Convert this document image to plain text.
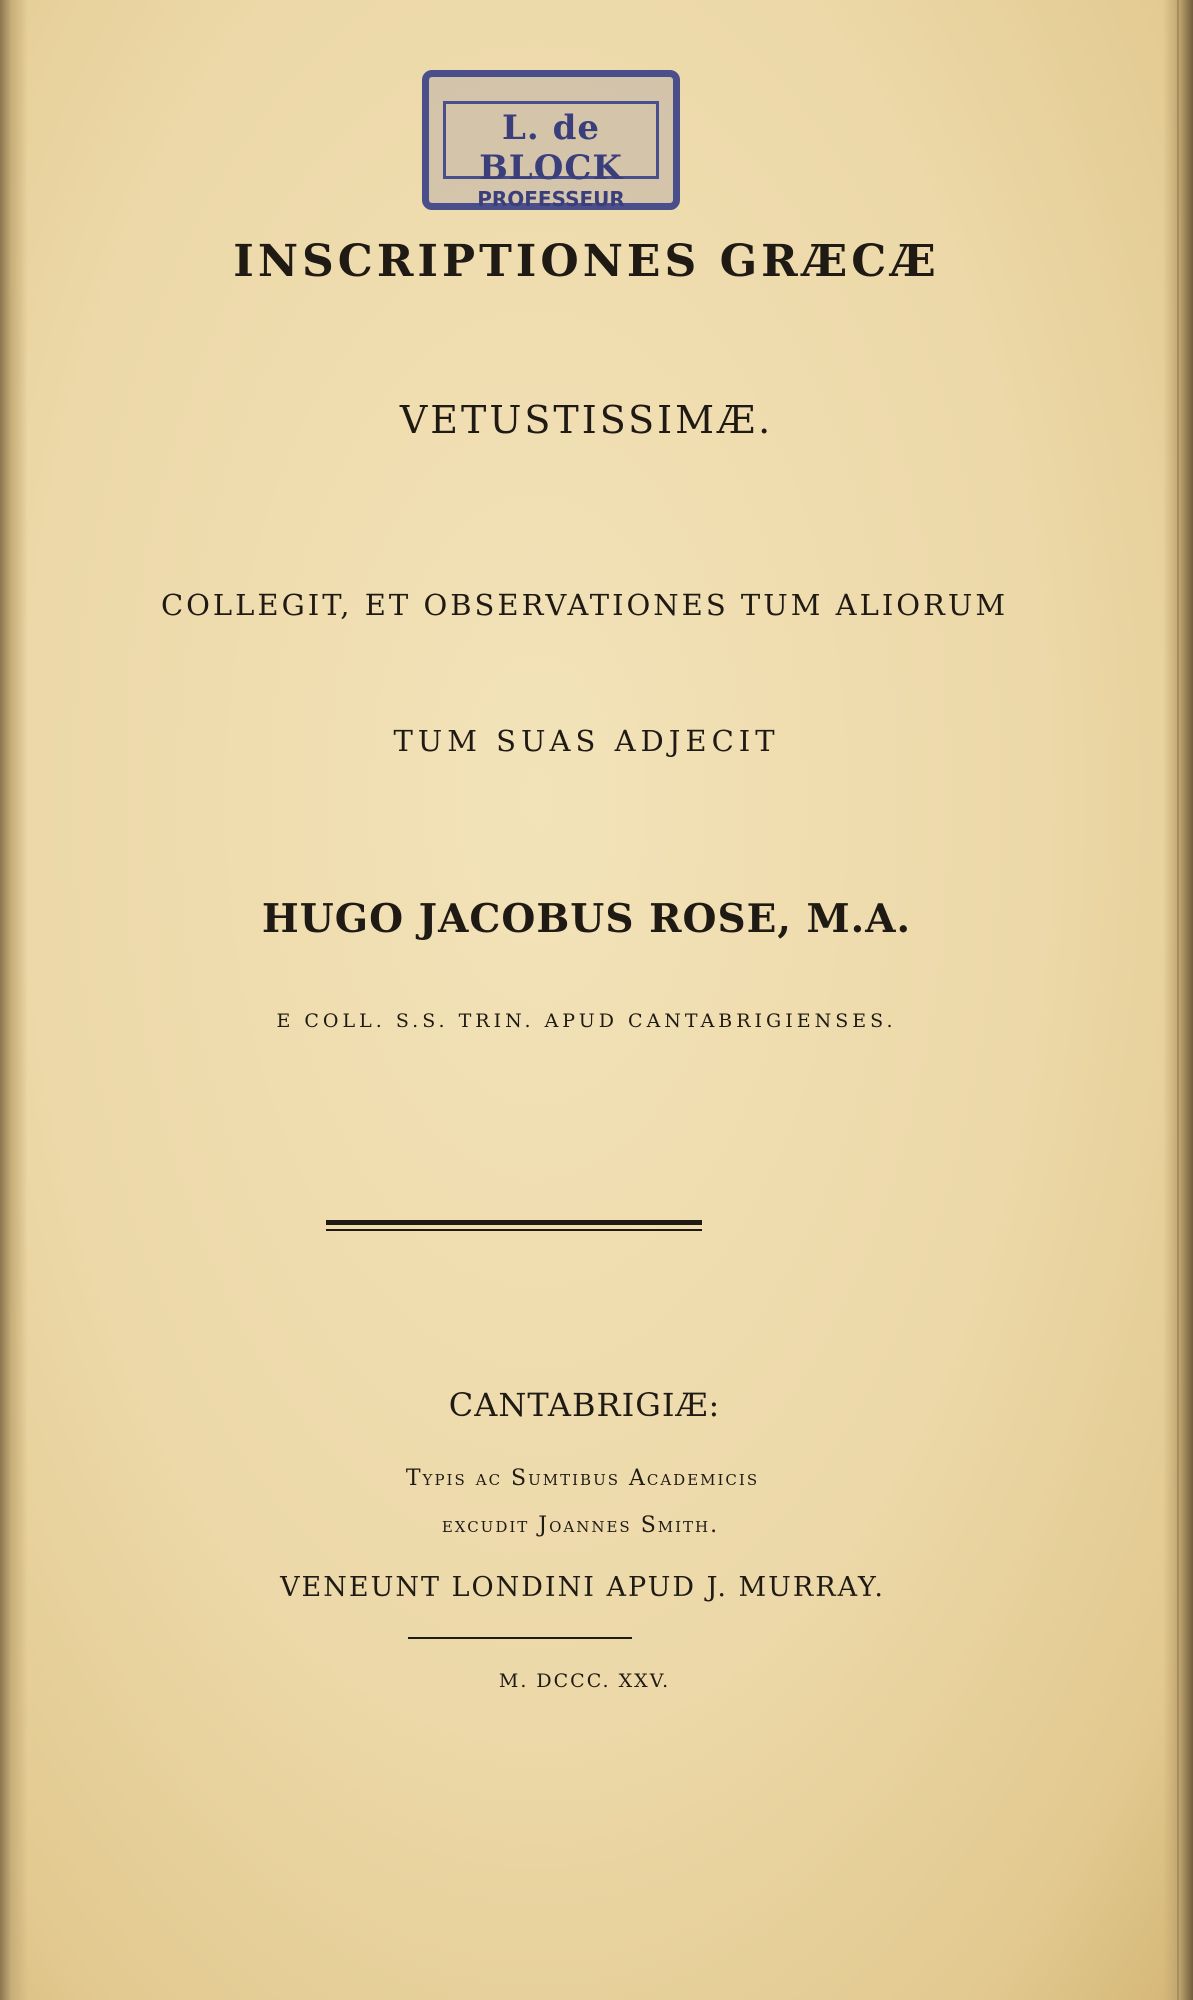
L. de BLOCK
PROFESSEUR
INSCRIPTIONES GRÆCÆ
VETUSTISSIMÆ.
COLLEGIT, ET OBSERVATIONES TUM ALIORUM
TUM SUAS ADJECIT
HUGO JACOBUS ROSE, M.A.
E COLL. S.S. TRIN. APUD CANTABRIGIENSES.
CANTABRIGIÆ:
Typis ac Sumtibus Academicis
excudit Joannes Smith.
VENEUNT LONDINI APUD J. MURRAY.
M. DCCC. XXV.
